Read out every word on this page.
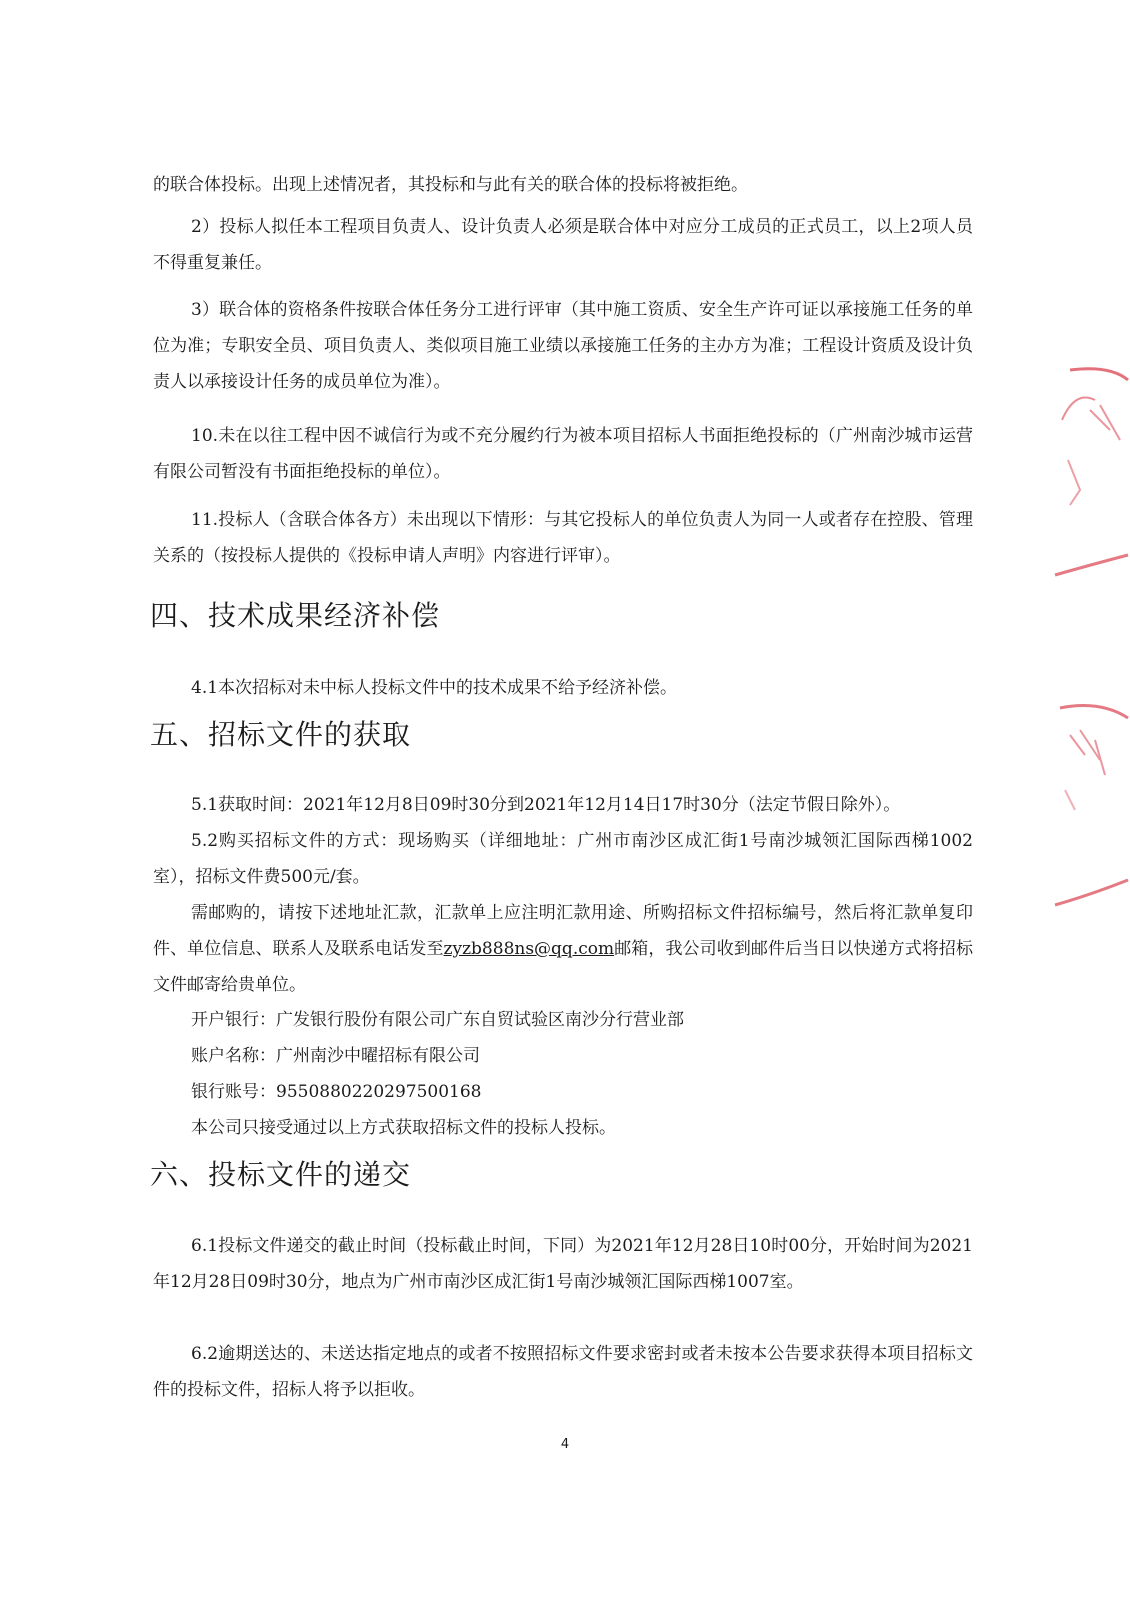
的联合体投标。出现上述情况者，其投标和与此有关的联合体的投标将被拒绝。

2）投标人拟任本工程项目负责人、设计负责人必须是联合体中对应分工成员的正式员工，以上2项人员不得重复兼任。

3）联合体的资格条件按联合体任务分工进行评审（其中施工资质、安全生产许可证以承接施工任务的单位为准；专职安全员、项目负责人、类似项目施工业绩以承接施工任务的主办方为准；工程设计资质及设计负责人以承接设计任务的成员单位为准）。

10.未在以往工程中因不诚信行为或不充分履约行为被本项目招标人书面拒绝投标的（广州南沙城市运营有限公司暂没有书面拒绝投标的单位）。

11.投标人（含联合体各方）未出现以下情形：与其它投标人的单位负责人为同一人或者存在控股、管理关系的（按投标人提供的《投标申请人声明》内容进行评审）。

四、技术成果经济补偿

4.1本次招标对未中标人投标文件中的技术成果不给予经济补偿。

五、招标文件的获取

5.1获取时间：2021年12月8日09时30分到2021年12月14日17时30分（法定节假日除外）。

5.2购买招标文件的方式：现场购买（详细地址：广州市南沙区成汇街1号南沙城领汇国际西梯1002室），招标文件费500元/套。

需邮购的，请按下述地址汇款，汇款单上应注明汇款用途、所购招标文件招标编号，然后将汇款单复印件、单位信息、联系人及联系电话发至zyzb888ns@qq.com邮箱，我公司收到邮件后当日以快递方式将招标文件邮寄给贵单位。

开户银行：广发银行股份有限公司广东自贸试验区南沙分行营业部

账户名称：广州南沙中曜招标有限公司

银行账号：9550880220297500168

本公司只接受通过以上方式获取招标文件的投标人投标。

六、投标文件的递交

6.1投标文件递交的截止时间（投标截止时间，下同）为2021年12月28日10时00分，开始时间为2021年12月28日09时30分，地点为广州市南沙区成汇街1号南沙城领汇国际西梯1007室。

6.2逾期送达的、未送达指定地点的或者不按照招标文件要求密封或者未按本公告要求获得本项目招标文件的投标文件，招标人将予以拒收。

4
